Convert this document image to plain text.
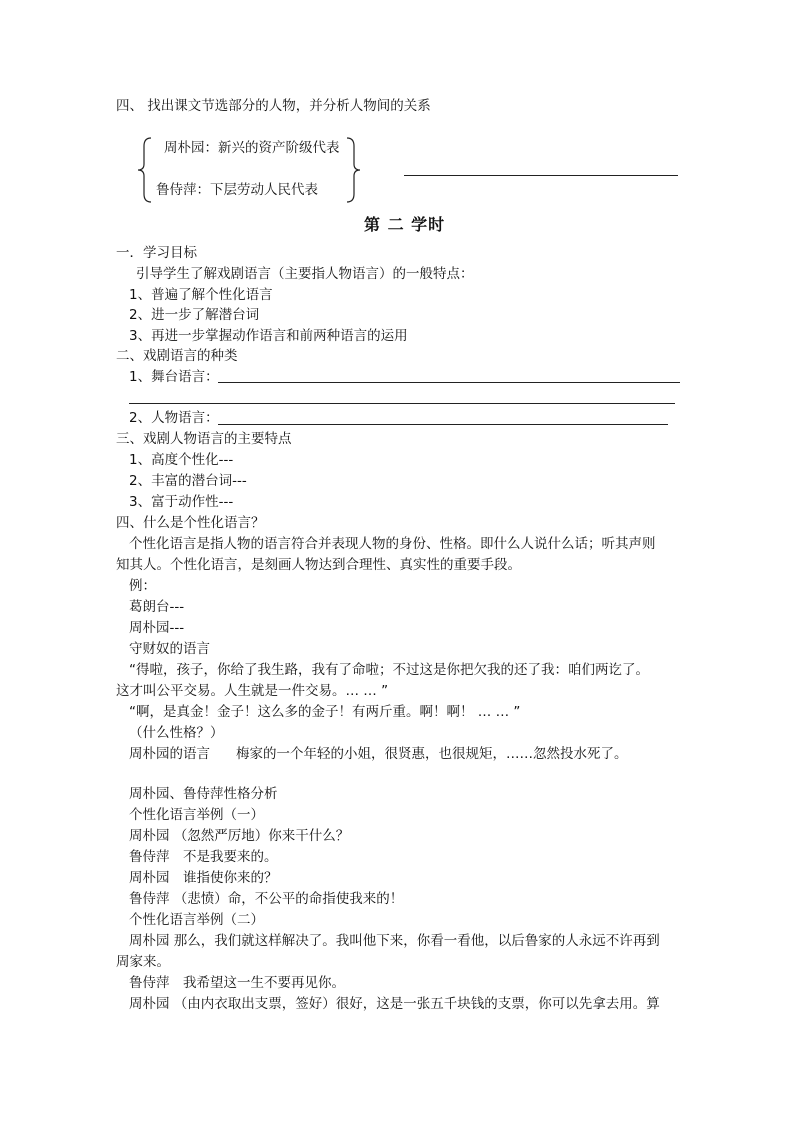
四、 找出课文节选部分的人物，并分析人物间的关系
周朴园：新兴的资产阶级代表
鲁侍萍：下层劳动人民代表
第 二 学时
一．学习目标
引导学生了解戏剧语言（主要指人物语言）的一般特点：
1、普遍了解个性化语言
2、进一步了解潜台词
3、再进一步掌握动作语言和前两种语言的运用
二、戏剧语言的种类
1、舞台语言：
2、人物语言：
三、戏剧人物语言的主要特点
1、高度个性化---
2、丰富的潜台词---
3、富于动作性---
四、什么是个性化语言？
个性化语言是指人物的语言符合并表现人物的身份、性格。即什么人说什么话；听其声则
知其人。个性化语言，是刻画人物达到合理性、真实性的重要手段。
例：
葛朗台---
周朴园---
守财奴的语言
“得啦，孩子，你给了我生路，我有了命啦；不过这是你把欠我的还了我：咱们两讫了。
这才叫公平交易。人生就是一件交易。… … ”
“啊，是真金！金子！这么多的金子！有两斤重。啊！啊！ … … ”
（什么性格？）
周朴园的语言 梅家的一个年轻的小姐，很贤惠，也很规矩，……忽然投水死了。
周朴园、鲁侍萍性格分析
个性化语言举例（一）
周朴园 （忽然严厉地）你来干什么？
鲁侍萍　不是我要来的。
周朴园　谁指使你来的？
鲁侍萍 （悲愤）命，不公平的命指使我来的！
个性化语言举例（二）
周朴园 那么，我们就这样解决了。我叫他下来，你看一看他，以后鲁家的人永远不许再到
周家来。
鲁侍萍　我希望这一生不要再见你。
周朴园 （由内衣取出支票，签好）很好，这是一张五千块钱的支票，你可以先拿去用。算
